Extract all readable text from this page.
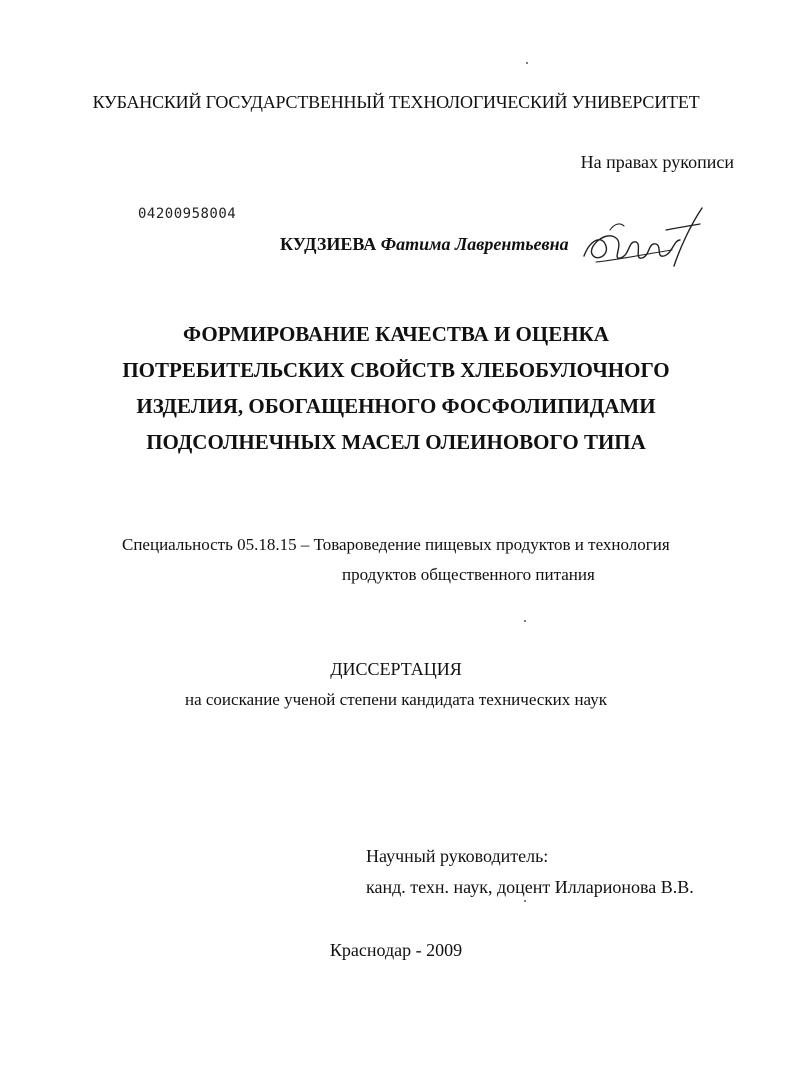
КУБАНСКИЙ ГОСУДАРСТВЕННЫЙ ТЕХНОЛОГИЧЕСКИЙ УНИВЕРСИТЕТ
На правах рукописи
04200958004
КУДЗИЕВА Фатима Лаврентьевна
ФОРМИРОВАНИЕ КАЧЕСТВА И ОЦЕНКА
ПОТРЕБИТЕЛЬСКИХ СВОЙСТВ ХЛЕБОБУЛОЧНОГО
ИЗДЕЛИЯ, ОБОГАЩЕННОГО ФОСФОЛИПИДАМИ
ПОДСОЛНЕЧНЫХ МАСЕЛ ОЛЕИНОВОГО ТИПА
Специальность 05.18.15 – Товароведение пищевых продуктов и технология
продуктов общественного питания
ДИССЕРТАЦИЯ
на соискание ученой степени кандидата технических наук
Научный руководитель:
канд. техн. наук, доцент Илларионова В.В.
Краснодар - 2009
